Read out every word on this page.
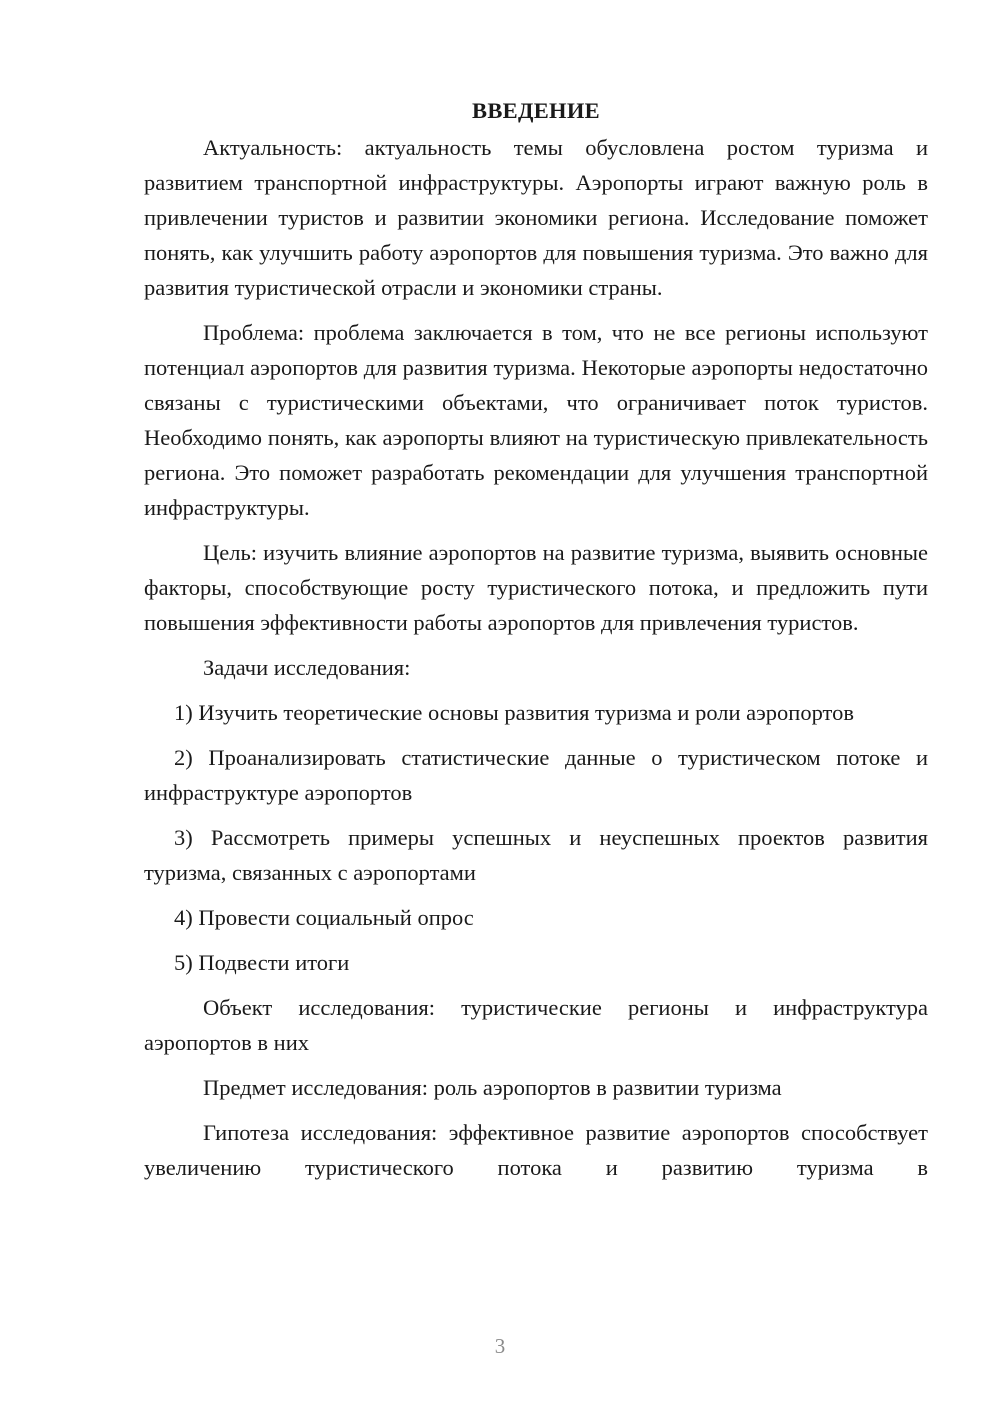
ВВЕДЕНИЕ

Актуальность: актуальность темы обусловлена ростом туризма и развитием транспортной инфраструктуры. Аэропорты играют важную роль в привлечении туристов и развитии экономики региона. Исследование поможет понять, как улучшить работу аэропортов для повышения туризма. Это важно для развития туристической отрасли и экономики страны.

Проблема: проблема заключается в том, что не все регионы используют потенциал аэропортов для развития туризма. Некоторые аэропорты недостаточно связаны с туристическими объектами, что ограничивает поток туристов. Необходимо понять, как аэропорты влияют на туристическую привлекательность региона. Это поможет разработать рекомендации для улучшения транспортной инфраструктуры.

Цель: изучить влияние аэропортов на развитие туризма, выявить основные факторы, способствующие росту туристического потока, и предложить пути повышения эффективности работы аэропортов для привлечения туристов.

Задачи исследования:

1) Изучить теоретические основы развития туризма и роли аэропортов

2) Проанализировать статистические данные о туристическом потоке и инфраструктуре аэропортов

3) Рассмотреть примеры успешных и неуспешных проектов развития туризма, связанных с аэропортами

4) Провести социальный опрос

5) Подвести итоги

Объект исследования: туристические регионы и инфраструктура аэропортов в них

Предмет исследования: роль аэропортов в развитии туризма

Гипотеза исследования: эффективное развитие аэропортов способствует увеличению туристического потока и развитию туризма в

3
